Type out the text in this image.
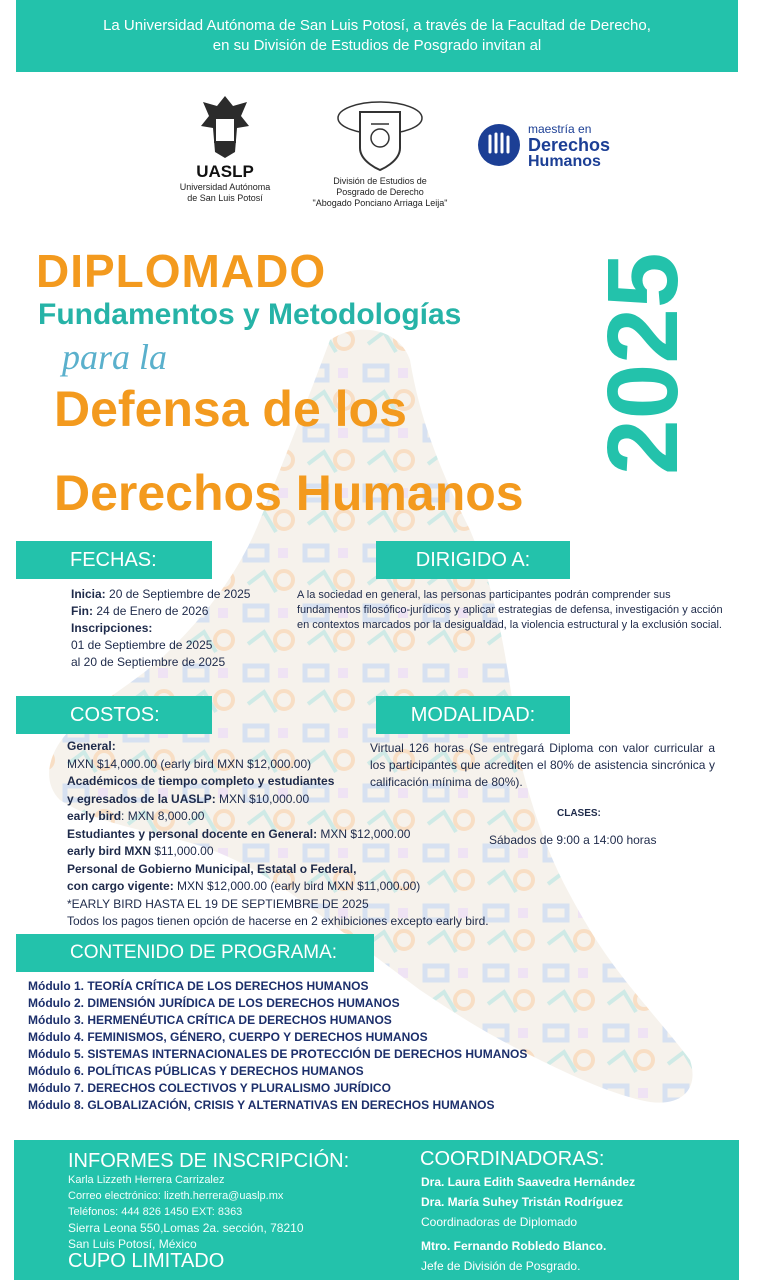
La Universidad Autónoma de San Luis Potosí, a través de la Facultad de Derecho,
en su División de Estudios de Posgrado invitan al
UASLP
Universidad Autónoma
de San Luis Potosí
División de Estudios de
Posgrado de Derecho
"Abogado Ponciano Arriaga Leija"
maestría en
Derechos
Humanos
DIPLOMADO
Fundamentos y Metodologías
para la
Defensa de los
Derechos Humanos
2025
FECHAS:
Inicia: 20 de Septiembre de 2025
Fin: 24 de Enero de 2026
Inscripciones:
01 de Septiembre de 2025
al 20 de Septiembre de 2025
DIRIGIDO A:
A la sociedad en general, las personas participantes podrán comprender sus fundamentos filosófico-jurídicos y aplicar estrategias de defensa, investigación y acción en contextos marcados por la desigualdad, la violencia estructural y la exclusión social.
COSTOS:
General:
MXN $14,000.00 (early bird MXN $12,000.00)
Académicos de tiempo completo y estudiantes
y egresados de la UASLP: MXN $10,000.00
early bird: MXN 8,000.00
Estudiantes y personal docente en General: MXN $12,000.00
early bird MXN $11,000.00
Personal de Gobierno Municipal, Estatal o Federal,
con cargo vigente: MXN $12,000.00 (early bird MXN $11,000.00)
*EARLY BIRD HASTA EL 19 DE SEPTIEMBRE DE 2025
Todos los pagos tienen opción de hacerse en 2 exhibiciones excepto early bird.
MODALIDAD:
Virtual 126 horas (Se entregará Diploma con valor curricular a los participantes que acrediten el 80% de asistencia sincrónica y calificación mínima de 80%).
CLASES:
Sábados de 9:00 a 14:00 horas
CONTENIDO DE PROGRAMA:
Módulo 1. TEORÍA CRÍTICA DE LOS DERECHOS HUMANOS
Módulo 2. DIMENSIÓN JURÍDICA DE LOS DERECHOS HUMANOS
Módulo 3. HERMENÉUTICA CRÍTICA DE DERECHOS HUMANOS
Módulo 4. FEMINISMOS, GÉNERO, CUERPO Y DERECHOS HUMANOS
Módulo 5. SISTEMAS INTERNACIONALES DE PROTECCIÓN DE DERECHOS HUMANOS
Módulo 6. POLÍTICAS PÚBLICAS Y DERECHOS HUMANOS
Módulo 7. DERECHOS COLECTIVOS Y PLURALISMO JURÍDICO
Módulo 8. GLOBALIZACIÓN, CRISIS Y ALTERNATIVAS EN DERECHOS HUMANOS
INFORMES DE INSCRIPCIÓN:
Karla Lizzeth Herrera Carrizalez
Correo electrónico: lizeth.herrera@uaslp.mx
Teléfonos: 444 826 1450 EXT: 8363
Sierra Leona 550,Lomas 2a. sección, 78210
San Luis Potosí, México
CUPO LIMITADO
COORDINADORAS:
Dra. Laura Edith Saavedra Hernández
Dra. María Suhey Tristán Rodríguez
Coordinadoras de Diplomado
Mtro. Fernando Robledo Blanco.
Jefe de División de Posgrado.
